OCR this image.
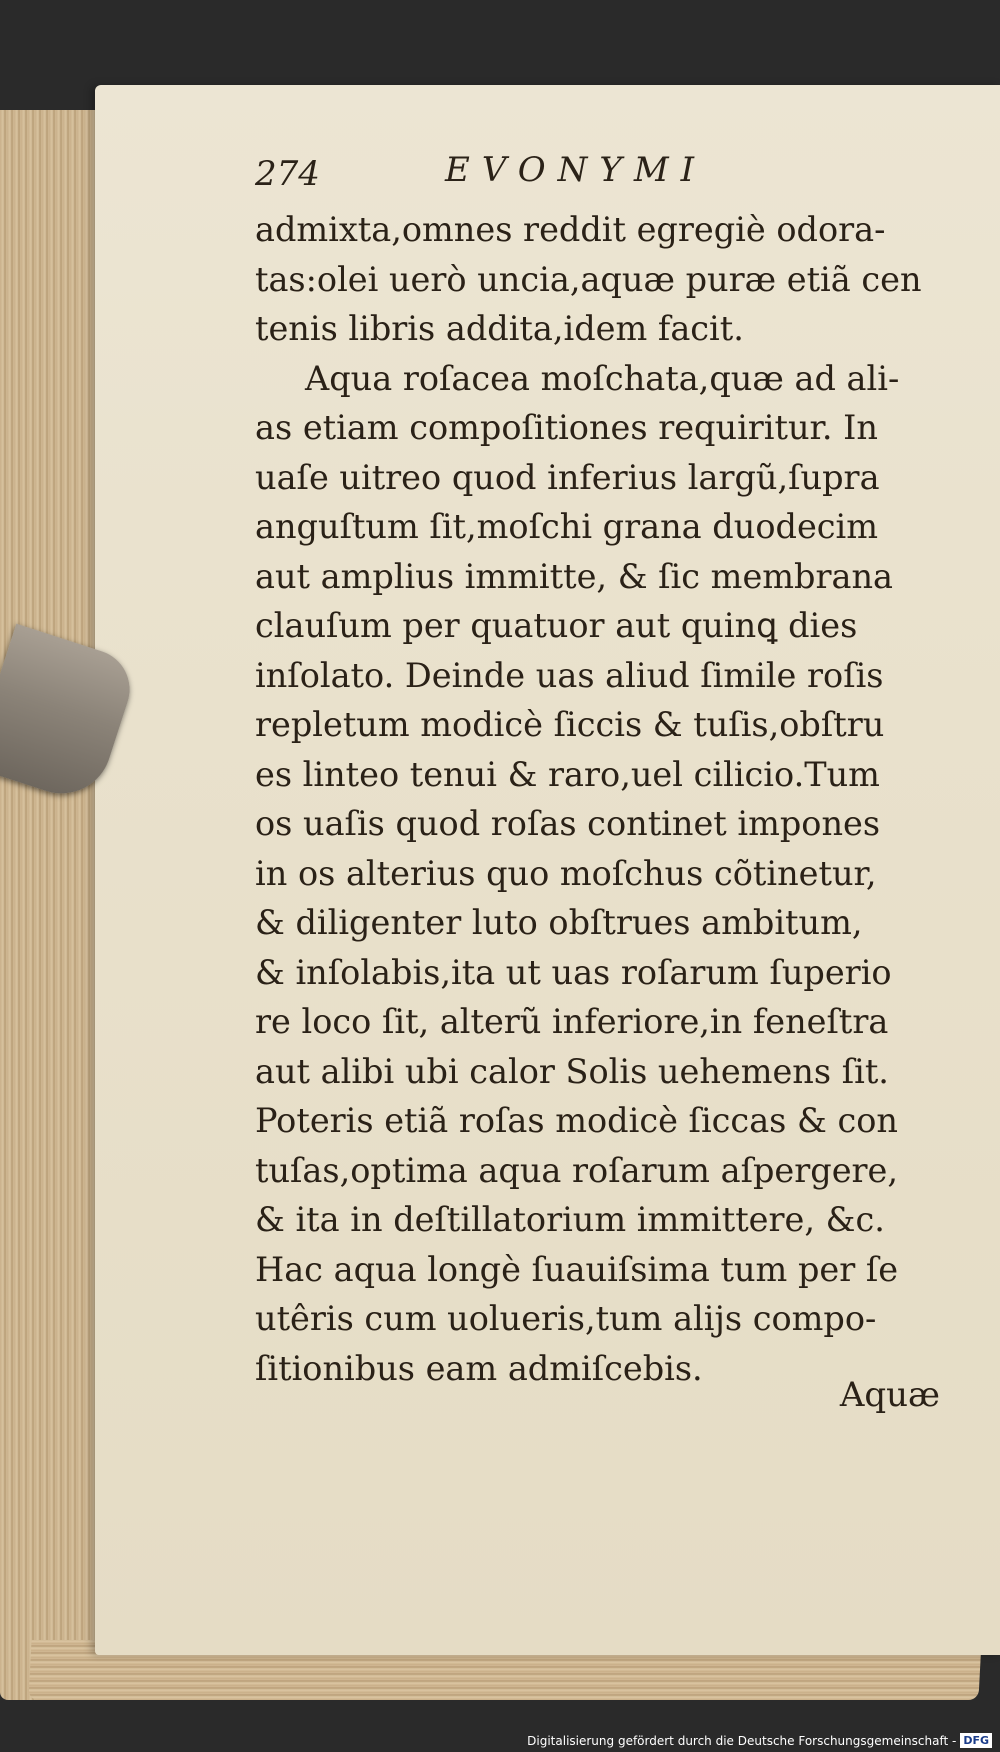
274	EVONYMI
admixta,omnes reddit egregiè odora-
tas:olei uerò uncia,aquæ puræ etiã cen
tenis libris addita,idem facit.
Aqua roſacea moſchata,quæ ad ali-
as etiam compoſitiones requiritur. In
uaſe uitreo quod inferius largũ,ſupra
anguſtum ſit,moſchi grana duodecim
aut amplius immitte, & ſic membrana
clauſum per quatuor aut quinꝗ dies
inſolato. Deinde uas aliud ſimile roſis
repletum modicè ſiccis & tuſis,obſtru
es linteo tenui & raro,uel cilicio.Tum
os uaſis quod roſas continet impones
in os alterius quo moſchus cõtinetur,
& diligenter luto obſtrues ambitum,
& inſolabis,ita ut uas roſarum ſuperio
re loco ſit, alterũ inferiore,in feneſtra
aut alibi ubi calor Solis uehemens ſit.
Poteris etiã roſas modicè ſiccas & con
tuſas,optima aqua roſarum aſpergere,
& ita in deſtillatorium immittere, &c.
Hac aqua longè ſuauiſsima tum per ſe
utêris cum uolueris,tum alijs compo-
ſitionibus eam admiſcebis.
Aquæ
Digitalisierung gefördert durch die Deutsche Forschungsgemeinschaft - DFG
